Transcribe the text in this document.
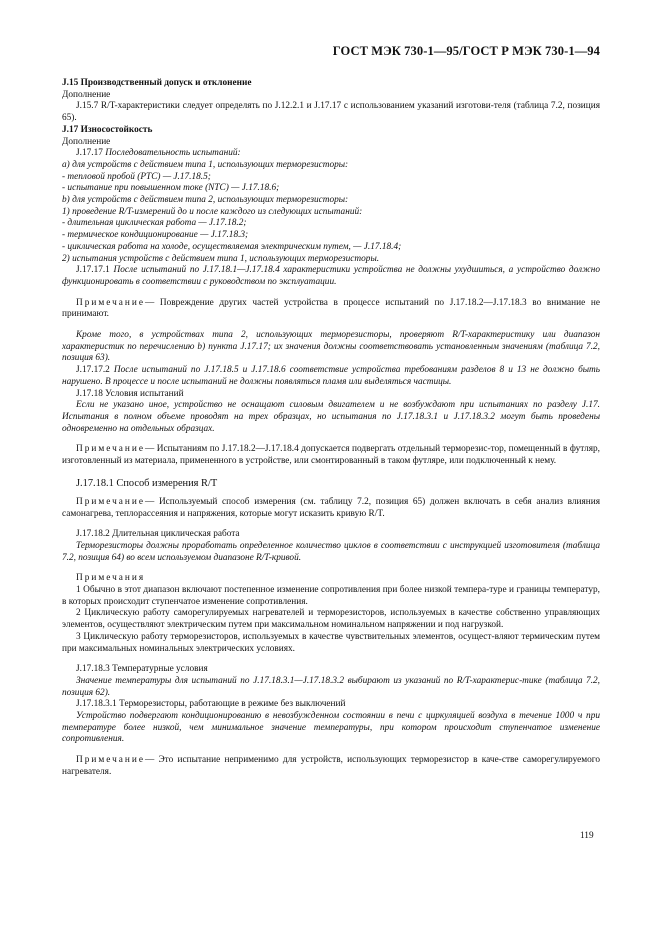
ГОСТ МЭК 730-1—95/ГОСТ Р МЭК 730-1—94

J.15 Производственный допуск и отклонение

Дополнение

J.15.7 R/T-характеристики следует определять по J.12.2.1 и J.17.17 с использованием указаний изготови-теля (таблица 7.2, позиция 65).

J.17 Износостойкость

Дополнение

J.17.17 Последовательность испытаний:

a) для устройств с действием типа 1, использующих терморезисторы:

- тепловой пробой (PTC) — J.17.18.5;

- испытание при повышенном токе (NTC) — J.17.18.6;

b) для устройств с действием типа 2, использующих терморезисторы:

1) проведение R/T-измерений до и после каждого из следующих испытаний:

- длительная циклическая работа — J.17.18.2;

- термическое кондиционирование — J.17.18.3;

- циклическая работа на холоде, осуществляемая электрическим путем, — J.17.18.4;

2) испытания устройств с действием типа 1, использующих терморезисторы.

J.17.17.1 После испытаний по J.17.18.1—J.17.18.4 характеристики устройства не должны ухудшиться, а устройство должно функционировать в соответствии с руководством по эксплуатации.

Примечание— Повреждение других частей устройства в процессе испытаний по J.17.18.2—J.17.18.3 во внимание не принимают.

Кроме того, в устройствах типа 2, использующих терморезисторы, проверяют R/T-характеристику или диапазон характеристик по перечислению b) пункта J.17.17; их значения должны соответствовать установленным значениям (таблица 7.2, позиция 63).

J.17.17.2 После испытаний по J.17.18.5 и J.17.18.6 соответствие устройства требованиям разделов 8 и 13 не должно быть нарушено. В процессе и после испытаний не должны появляться пламя или выделяться частицы.

J.17.18 Условия испытаний

Если не указано иное, устройство не оснащают силовым двигателем и не возбуждают при испытаниях по разделу J.17. Испытания в полном объеме проводят на трех образцах, но испытания по J.17.18.3.1 и J.17.18.3.2 могут быть проведены одновременно на отдельных образцах.

Примечание— Испытаниям по J.17.18.2—J.17.18.4 допускается подвергать отдельный терморезис-тор, помещенный в футляр, изготовленный из материала, примененного в устройстве, или смонтированный в таком футляре, или подключенный к нему.

J.17.18.1 Способ измерения R/T

Примечание— Используемый способ измерения (см. таблицу 7.2, позиция 65) должен включать в себя анализ влияния самонагрева, теплорассеяния и напряжения, которые могут исказить кривую R/T.

J.17.18.2 Длительная циклическая работа

Терморезисторы должны проработать определенное количество циклов в соответствии с инструкцией изготовителя (таблица 7.2, позиция 64) во всем используемом диапазоне R/T-кривой.

Примечания

1 Обычно в этот диапазон включают постепенное изменение сопротивления при более низкой темпера-туре и границы температур, в которых происходит ступенчатое изменение сопротивления.

2 Циклическую работу саморегулируемых нагревателей и терморезисторов, используемых в качестве собственно управляющих элементов, осуществляют электрическим путем при максимальном номинальном напряжении и под нагрузкой.

3 Циклическую работу терморезисторов, используемых в качестве чувствительных элементов, осущест-вляют термическим путем при максимальных номинальных электрических условиях.

J.17.18.3 Температурные условия

Значение температуры для испытаний по J.17.18.3.1—J.17.18.3.2 выбирают из указаний по R/T-характерис-тике (таблица 7.2, позиция 62).

J.17.18.3.1 Терморезисторы, работающие в режиме без выключений

Устройство подвергают кондиционированию в невозбужденном состоянии в печи с циркуляцией воздуха в течение 1000 ч при температуре более низкой, чем минимальное значение температуры, при котором происходит ступенчатое изменение сопротивления.

Примечание— Это испытание неприменимо для устройств, использующих терморезистор в каче-стве саморегулируемого нагревателя.

119
